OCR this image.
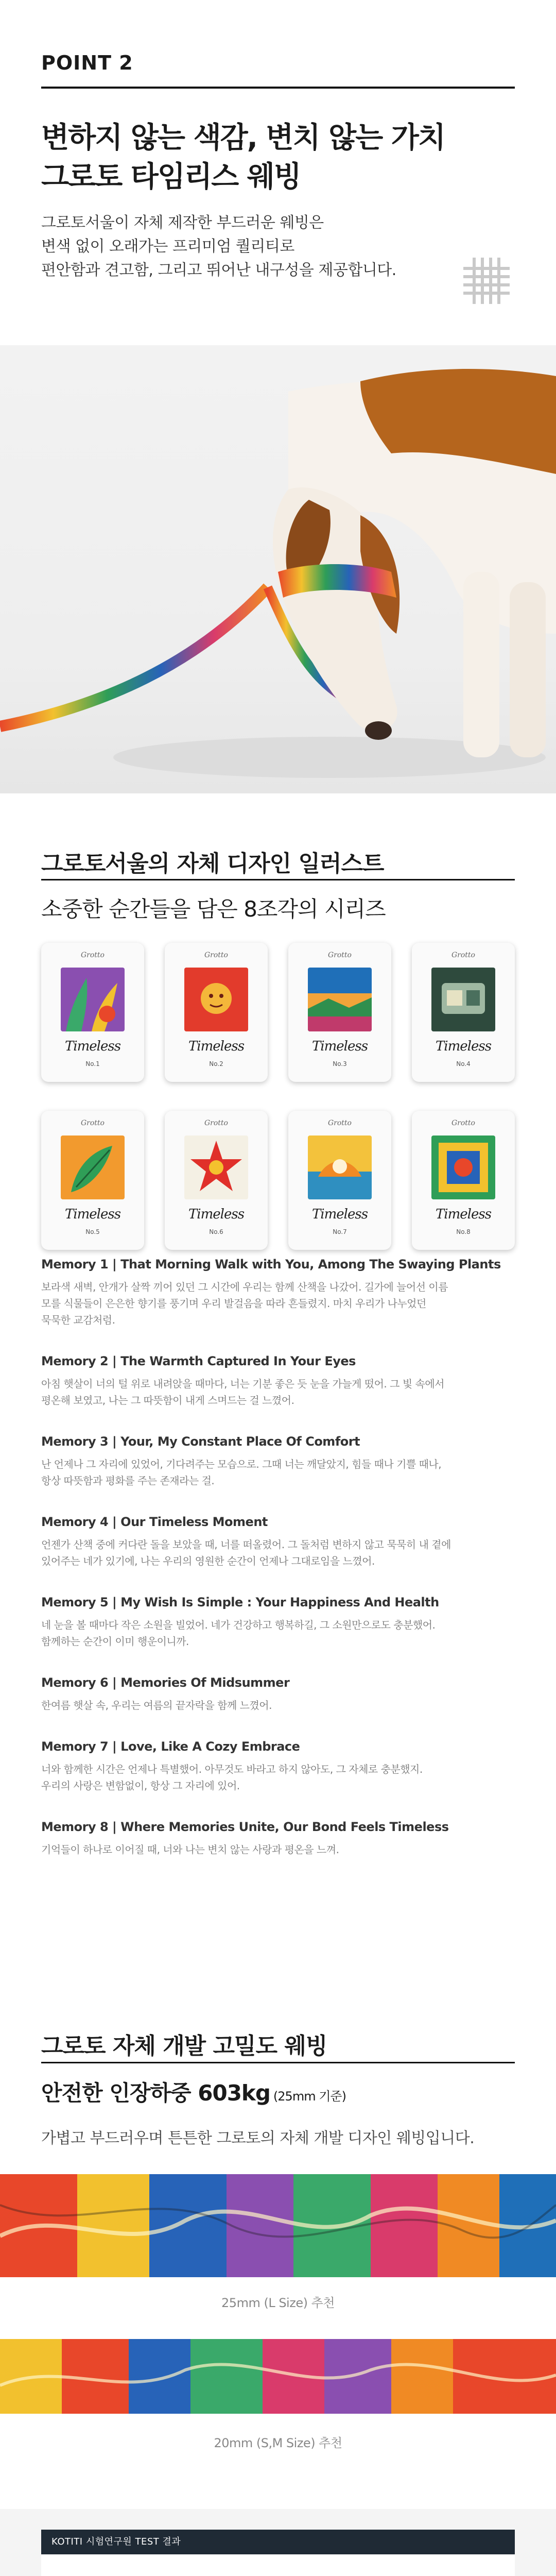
POINT 2
변하지 않는 색감, 변치 않는 가치
그로토 타임리스 웨빙
그로토서울이 자체 제작한 부드러운 웨빙은
변색 없이 오래가는 프리미엄 퀄리티로
편안함과 견고함, 그리고 뛰어난 내구성을 제공합니다.
그로토서울의 자체 디자인 일러스트
소중한 순간들을 담은 8조각의 시리즈
Grotto
Timeless
No.1
Grotto
Timeless
No.2
Grotto
Timeless
No.3
Grotto
Timeless
No.4
Grotto
Timeless
No.5
Grotto
Timeless
No.6
Grotto
Timeless
No.7
Grotto
Timeless
No.8
Memory 1 | That Morning Walk with You, Among The Swaying Plants

보라색 새벽, 안개가 살짝 끼어 있던 그 시간에 우리는 함께 산책을 나갔어. 길가에 늘어선 이름
모를 식물들이 은은한 향기를 풍기며 우리 발걸음을 따라 흔들렸지. 마치 우리가 나누었던
묵묵한 교감처럼.

Memory 2 | The Warmth Captured In Your Eyes

아침 햇살이 너의 털 위로 내려앉을 때마다, 너는 기분 좋은 듯 눈을 가늘게 떴어. 그 빛 속에서
평온해 보였고, 나는 그 따뜻함이 내게 스며드는 걸 느꼈어.

Memory 3 | Your, My Constant Place Of Comfort

난 언제나 그 자리에 있었어, 기다려주는 모습으로. 그때 너는 깨달았지, 힘들 때나 기쁠 때나,
항상 따뜻함과 평화를 주는 존재라는 걸.

Memory 4 | Our Timeless Moment

언젠가 산책 중에 커다란 돌을 보았을 때, 너를 떠올렸어. 그 돌처럼 변하지 않고 묵묵히 내 곁에
있어주는 네가 있기에, 나는 우리의 영원한 순간이 언제나 그대로임을 느꼈어.

Memory 5 | My Wish Is Simple : Your Happiness And Health

네 눈을 볼 때마다 작은 소원을 빌었어. 네가 건강하고 행복하길, 그 소원만으로도 충분했어.
함께하는 순간이 이미 행운이니까.

Memory 6 | Memories Of Midsummer

한여름 햇살 속, 우리는 여름의 끝자락을 함께 느꼈어.

Memory 7 | Love, Like A Cozy Embrace

너와 함께한 시간은 언제나 특별했어. 아무것도 바라고 하지 않아도, 그 자체로 충분했지.
우리의 사랑은 변함없이, 항상 그 자리에 있어.

Memory 8 | Where Memories Unite, Our Bond Feels Timeless

기억들이 하나로 이어질 때, 너와 나는 변치 않는 사랑과 평온을 느껴.

그로토 자체 개발 고밀도 웨빙
안전한 인장하중 603kg (25mm 기준)
가볍고 부드러우며 튼튼한 그로토의 자체 개발 디자인 웨빙입니다.
25mm (L Size) 추천
20mm (S,M Size) 추천
KOTITI 시험연구원 TEST 결과
